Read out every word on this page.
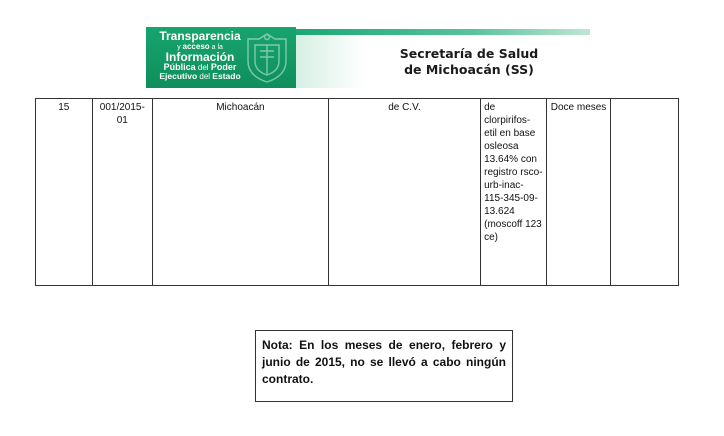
Transparencia
y acceso a la
Información
Pública del Poder
Ejecutivo del Estado
Secretaría de Salud
de Michoacán (SS)
15	001/2015-01	Michoacán	de C.V.	de clorpirifos-etil en base osleosa 13.64% con registro rsco-urb-inac-115-345-09-13.624 (moscoff 123 ce)	Doce meses	
Nota: En los meses de enero, febrero y junio de 2015, no se llevó a cabo ningún contrato.
